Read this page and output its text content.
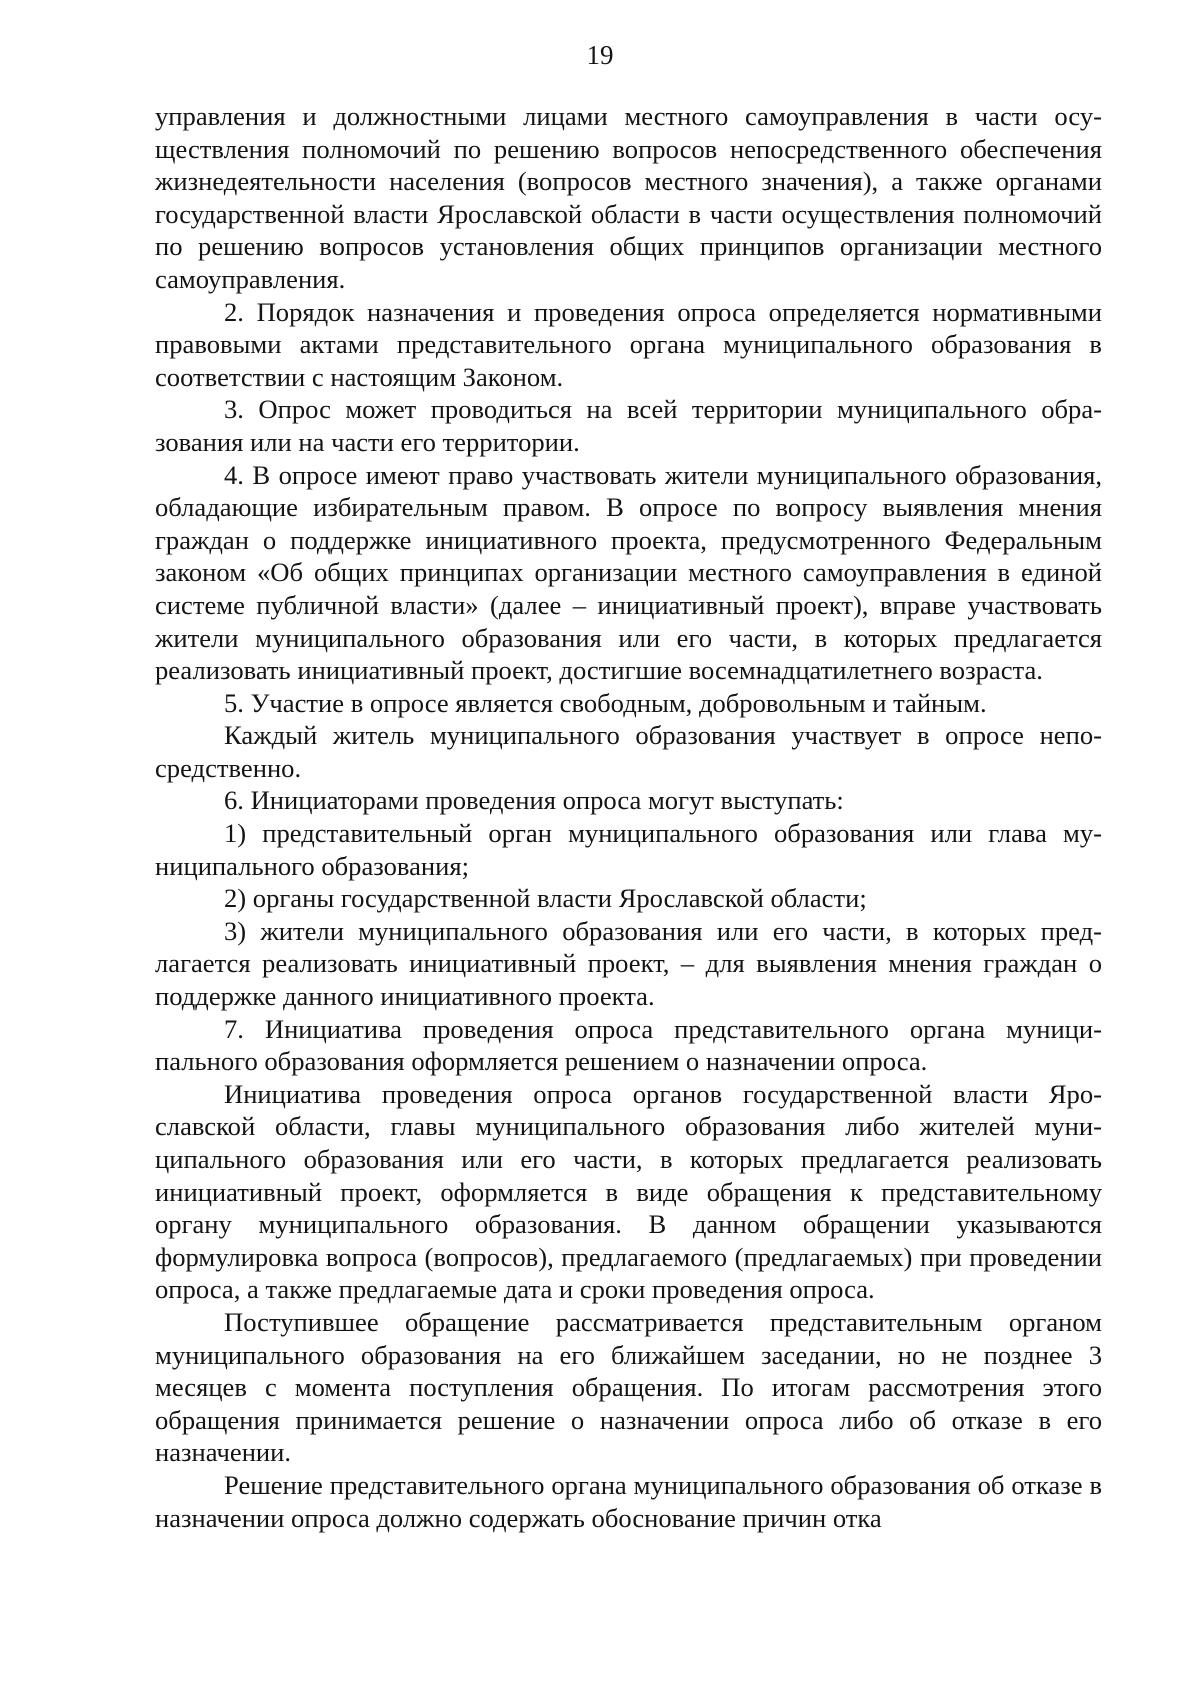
19

управления и должностными лицами местного самоуправления в части осуществления полномочий по решению вопросов непосредственного обеспечения жизнедеятельности населения (вопросов местного значения), а также органами государственной власти Ярославской области в части осуществления полномочий по решению вопросов установления общих принципов организации местного самоуправления.

2. Порядок назначения и проведения опроса определяется нормативными правовыми актами представительного органа муниципального образования в соответствии с настоящим Законом.

3. Опрос может проводиться на всей территории муниципального образования или на части его территории.

4. В опросе имеют право участвовать жители муниципального образования, обладающие избирательным правом. В опросе по вопросу выявления мнения граждан о поддержке инициативного проекта, предусмотренного Федеральным законом «Об общих принципах организации местного самоуправления в единой системе публичной власти» (далее – инициативный проект), вправе участвовать жители муниципального образования или его части, в которых предлагается реализовать инициативный проект, достигшие восемнадцатилетнего возраста.

5. Участие в опросе является свободным, добровольным и тайным.

Каждый житель муниципального образования участвует в опросе непосредственно.

6. Инициаторами проведения опроса могут выступать:

1) представительный орган муниципального образования или глава муниципального образования;

2) органы государственной власти Ярославской области;

3) жители муниципального образования или его части, в которых предлагается реализовать инициативный проект, – для выявления мнения граждан о поддержке данного инициативного проекта.

7. Инициатива проведения опроса представительного органа муниципального образования оформляется решением о назначении опроса.

Инициатива проведения опроса органов государственной власти Ярославской области, главы муниципального образования либо жителей муниципального образования или его части, в которых предлагается реализовать инициативный проект, оформляется в виде обращения к представительному органу муниципального образования. В данном обращении указываются формулировка вопроса (вопросов), предлагаемого (предлагаемых) при проведении опроса, а также предлагаемые дата и сроки проведения опроса.

Поступившее обращение рассматривается представительным органом муниципального образования на его ближайшем заседании, но не позднее 3 месяцев с момента поступления обращения. По итогам рассмотрения этого обращения принимается решение о назначении опроса либо об отказе в его назначении.

Решение представительного органа муниципального образования об отказе в назначении опроса должно содержать обоснование причин отка
